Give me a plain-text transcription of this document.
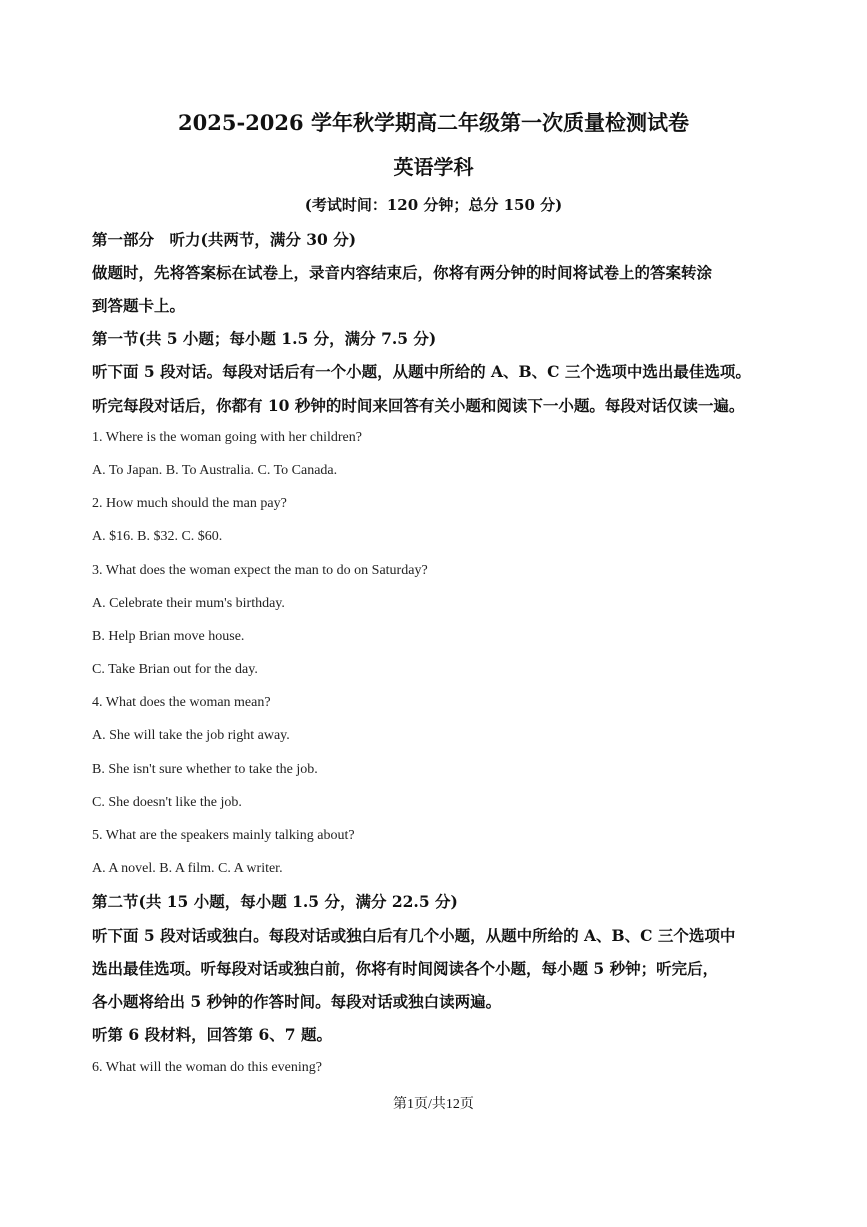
2025-2026 学年秋学期高二年级第一次质量检测试卷
英语学科
(考试时间：120 分钟；总分 150 分)
第一部分　听力(共两节，满分 30 分)
做题时，先将答案标在试卷上，录音内容结束后，你将有两分钟的时间将试卷上的答案转涂
到答题卡上。
第一节(共 5 小题；每小题 1.5 分，满分 7.5 分)
听下面 5 段对话。每段对话后有一个小题，从题中所给的 A、B、C 三个选项中选出最佳选项。
听完每段对话后，你都有 10 秒钟的时间来回答有关小题和阅读下一小题。每段对话仅读一遍。
1. Where is the woman going with her children?
A. To Japan. B. To Australia. C. To Canada.
2. How much should the man pay?
A. $16. B. $32. C. $60.
3. What does the woman expect the man to do on Saturday?
A. Celebrate their mum's birthday.
B. Help Brian move house.
C. Take Brian out for the day.
4. What does the woman mean?
A. She will take the job right away.
B. She isn't sure whether to take the job.
C. She doesn't like the job.
5. What are the speakers mainly talking about?
A. A novel. B. A film. C. A writer.
第二节(共 15 小题，每小题 1.5 分，满分 22.5 分)
听下面 5 段对话或独白。每段对话或独白后有几个小题，从题中所给的 A、B、C 三个选项中
选出最佳选项。听每段对话或独白前，你将有时间阅读各个小题，每小题 5 秒钟；听完后，
各小题将给出 5 秒钟的作答时间。每段对话或独白读两遍。
听第 6 段材料，回答第 6、7 题。
6. What will the woman do this evening?
第1页/共12页
